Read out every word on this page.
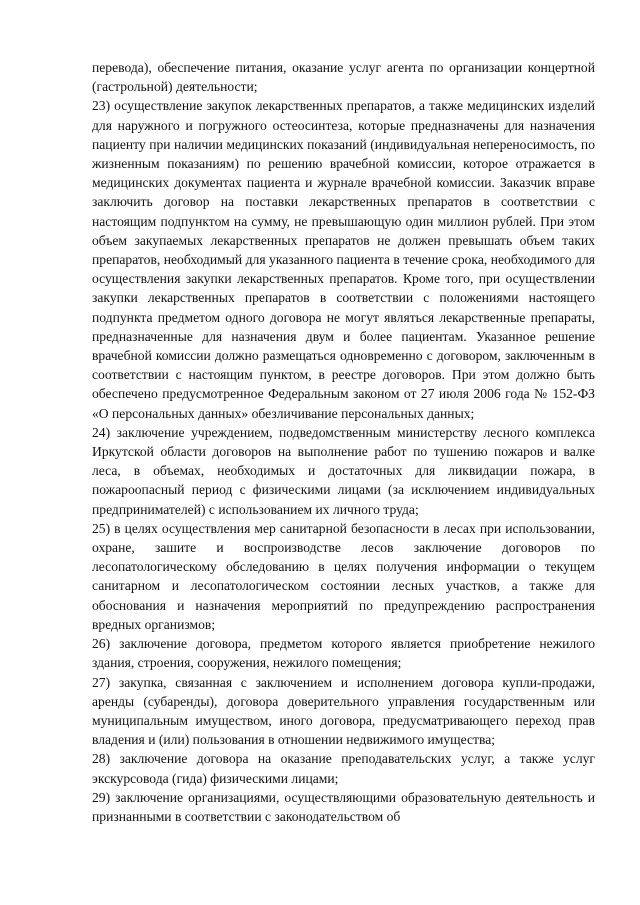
перевода), обеспечение питания, оказание услуг агента по организации концертной (гастрольной) деятельности;

23) осуществление закупок лекарственных препаратов, а также медицинских изделий для наружного и погружного остеосинтеза, которые предназначены для назначения пациенту при наличии медицинских показаний (индивидуальная непереносимость, по жизненным показаниям) по решению врачебной комиссии, которое отражается в медицинских документах пациента и журнале врачебной комиссии. Заказчик вправе заключить договор на поставки лекарственных препаратов в соответствии с настоящим подпунктом на сумму, не превышающую один миллион рублей. При этом объем закупаемых лекарственных препаратов не должен превышать объем таких препаратов, необходимый для указанного пациента в течение срока, необходимого для осуществления закупки лекарственных препаратов. Кроме того, при осуществлении закупки лекарственных препаратов в соответствии с положениями настоящего подпункта предметом одного договора не могут являться лекарственные препараты, предназначенные для назначения двум и более пациентам. Указанное решение врачебной комиссии должно размещаться одновременно с договором, заключенным в соответствии с настоящим пунктом, в реестре договоров. При этом должно быть обеспечено предусмотренное Федеральным законом от 27 июля 2006 года № 152-ФЗ «О персональных данных» обезличивание персональных данных;

24) заключение учреждением, подведомственным министерству лесного комплекса Иркутской области договоров на выполнение работ по тушению пожаров и валке леса, в объемах, необходимых и достаточных для ликвидации пожара, в пожароопасный период с физическими лицами (за исключением индивидуальных предпринимателей) с использованием их личного труда;

25) в целях осуществления мер санитарной безопасности в лесах при использовании, охране, зашите и воспроизводстве лесов заключение договоров по лесопатологическому обследованию в целях получения информации о текущем санитарном и лесопатологическом состоянии лесных участков, а также для обоснования и назначения мероприятий по предупреждению распространения вредных организмов;

26) заключение договора, предметом которого является приобретение нежилого здания, строения, сооружения, нежилого помещения;

27) закупка, связанная с заключением и исполнением договора купли-продажи, аренды (субаренды), договора доверительного управления государственным или муниципальным имуществом, иного договора, предусматривающего переход прав владения и (или) пользования в отношении недвижимого имущества;

28) заключение договора на оказание преподавательских услуг, а также услуг экскурсовода (гида) физическими лицами;

29) заключение организациями, осуществляющими образовательную деятельность и признанными в соответствии с законодательством об
